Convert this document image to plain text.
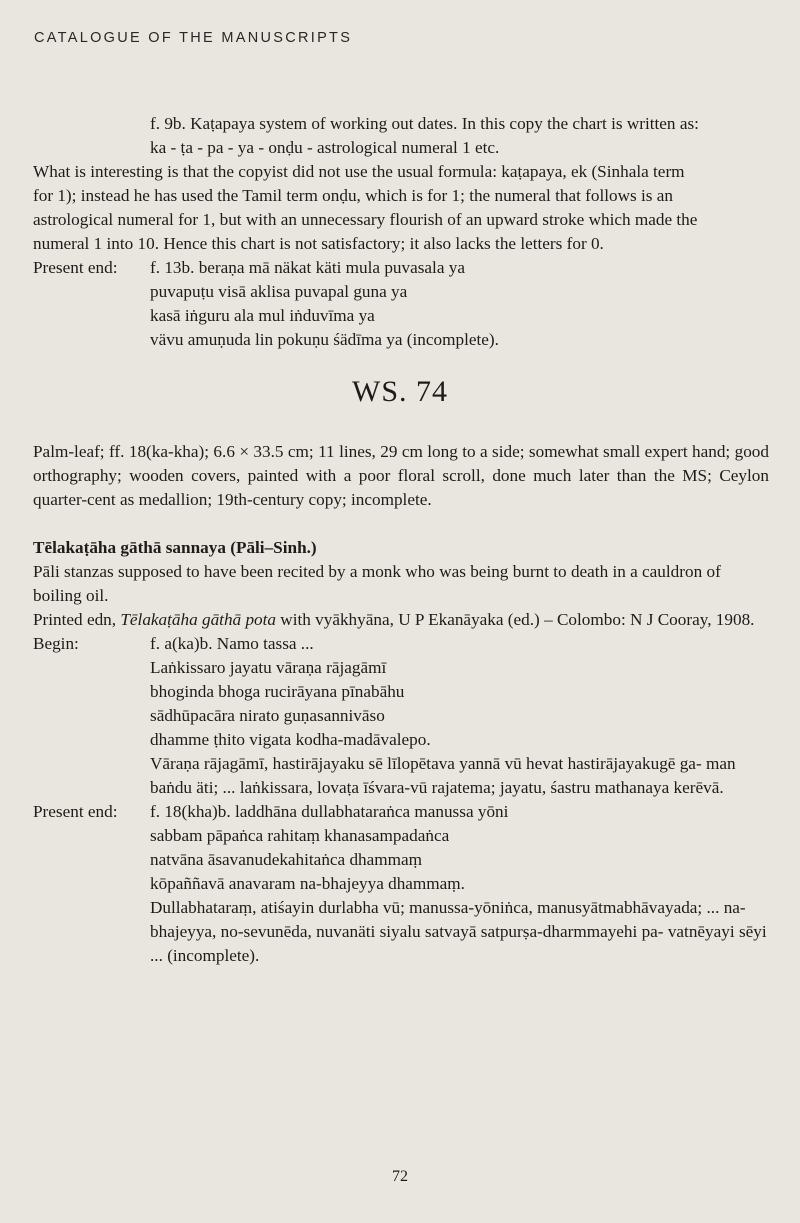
CATALOGUE OF THE MANUSCRIPTS
f. 9b. Kaṭapaya system of working out dates. In this copy the chart is written as:
ka - ṭa - pa - ya - onḍu - astrological numeral 1 etc.
What is interesting is that the copyist did not use the usual formula: kaṭapaya, ek (Sinhala term
for 1); instead he has used the Tamil term onḍu, which is for 1; the numeral that follows is an
astrological numeral for 1, but with an unnecessary flourish of an upward stroke which made the
numeral 1 into 10. Hence this chart is not satisfactory; it also lacks the letters for 0.
Present end:	f. 13b. beraṇa mā näkat käti mula puvasala ya
puvapuṭu visā aklisa puvapal guna ya
kasā iṅguru ala mul iṅduvīma ya
vävu amuṇuda lin pokuṇu śädīma ya (incomplete).
WS. 74

Palm-leaf; ff. 18(ka-kha); 6.6 × 33.5 cm; 11 lines, 29 cm long to a side; somewhat small expert hand; good orthography; wooden covers, painted with a poor floral scroll, done much later than the MS; Ceylon quarter-cent as medallion; 19th-century copy; incomplete.

Tēlakaṭāha gāthā sannaya (Pāli–Sinh.)

Pāli stanzas supposed to have been recited by a monk who was being burnt to death in a cauldron of boiling oil.

Printed edn, Tēlakaṭāha gāthā pota with vyākhyāna, U P Ekanāyaka (ed.) – Colombo: N J Cooray, 1908.

Begin:	f. a(ka)b. Namo tassa ...
Laṅkissaro jayatu vāraṇa rājagāmī
bhoginda bhoga rucirāyana pīnabāhu
sādhūpacāra nirato guṇasannivāso
dhamme ṭhito vigata kodha-madāvalepo.
Vāraṇa rājagāmī, hastirājayaku sē līlopētava yannā vū hevat hastirājayakugē ga- man baṅdu äti; ... laṅkissara, lovaṭa īśvara-vū rajatema; jayatu, śastru mathanaya kerēvā.
Present end:	f. 18(kha)b. laddhāna dullabhataraṅca manussa yōni
sabbam pāpaṅca rahitaṃ khanasampadaṅca
natvāna āsavanudekahitaṅca dhammaṃ
kōpaññavā anavaram na-bhajeyya dhammaṃ.
Dullabhataraṃ, atiśayin durlabha vū; manussa-yōniṅca, manusyātmabhāvayada; ... na-bhajeyya, no-sevunēda, nuvanäti siyalu satvayā satpurṣa-dharmmayehi pa- vatnēyayi sēyi ... (incomplete).
72
